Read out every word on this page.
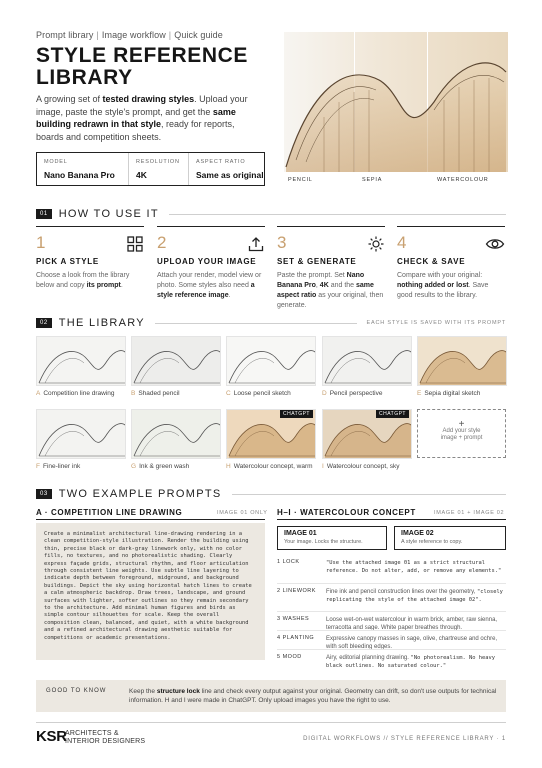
Prompt library | Image workflow | Quick guide
STYLE REFERENCE
LIBRARY
A growing set of tested drawing styles. Upload your image, paste the style's prompt, and get the same building redrawn in that style, ready for reports, boards and competition sheets.
MODEL
Nano Banana Pro
RESOLUTION
4K
ASPECT RATIO
Same as original	PENCIL	SEPIA	WATERCOLOUR
01	HOW TO USE IT
1
PICK A STYLE
Choose a look from the library below and copy its prompt.
2
UPLOAD YOUR IMAGE
Attach your render, model view or photo. Some styles also need a style reference image.
3
SET & GENERATE
Paste the prompt. Set Nano Banana Pro, 4K and the same aspect ratio as your original, then generate.
4
CHECK & SAVE
Compare with your original: nothing added or lost. Save good results to the library.
02	THE LIBRARY	EACH STYLE IS SAVED WITH ITS PROMPT
A Competition line drawing	B Shaded pencil	C Loose pencil sketch	D Pencil perspective	E Sepia digital sketch
F Fine-liner ink	G Ink & green wash
CHATGPT
H Watercolour concept, warm
CHATGPT
I Watercolour concept, sky
+
Add your style
image + prompt
03	TWO EXAMPLE PROMPTS
A · COMPETITION LINE DRAWING	IMAGE 01 ONLY
Create a minimalist architectural line-drawing rendering in a clean competition-style illustration. Render the building using thin, precise black or dark-gray linework only, with no color fills, no textures, and no photorealistic shading. Clearly express façade grids, structural rhythm, and floor articulation through consistent line weights. Use subtle line layering to indicate depth between foreground, midground, and background buildings. Depict the sky using horizontal hatch lines to create a calm atmospheric backdrop. Draw trees, landscape, and ground surfaces with lighter, softer outlines so they remain secondary to the architecture. Add minimal human figures and birds as simple contour silhouettes for scale. Keep the overall composition clean, balanced, and quiet, with a white background and a refined architectural drawing aesthetic suitable for competitions or academic presentations.
H–I · WATERCOLOUR CONCEPT	IMAGE 01 + IMAGE 02
IMAGE 01
Your image. Locks the structure.
IMAGE 02
A style reference to copy.
1 LOCK	"Use the attached image 01 as a strict structural reference. Do not alter, add, or remove any elements."
2 LINEWORK	Fine ink and pencil construction lines over the geometry, "closely replicating the style of the attached image 02".
3 WASHES	Loose wet-on-wet watercolour in warm brick, amber, raw sienna, terracotta and sage. White paper breathes through.
4 PLANTING	Expressive canopy masses in sage, olive, chartreuse and ochre, with soft bleeding edges.
5 MOOD	Airy, editorial planning drawing. "No photorealism. No heavy black outlines. No saturated colour."
GOOD TO KNOW	Keep the structure lock line and check every output against your original. Geometry can drift, so don't use outputs for technical information. H and I were made in ChatGPT. Only upload images you have the right to use.
KSR
ARCHITECTS &
INTERIOR DESIGNERS	DIGITAL WORKFLOWS // STYLE REFERENCE LIBRARY · 1
